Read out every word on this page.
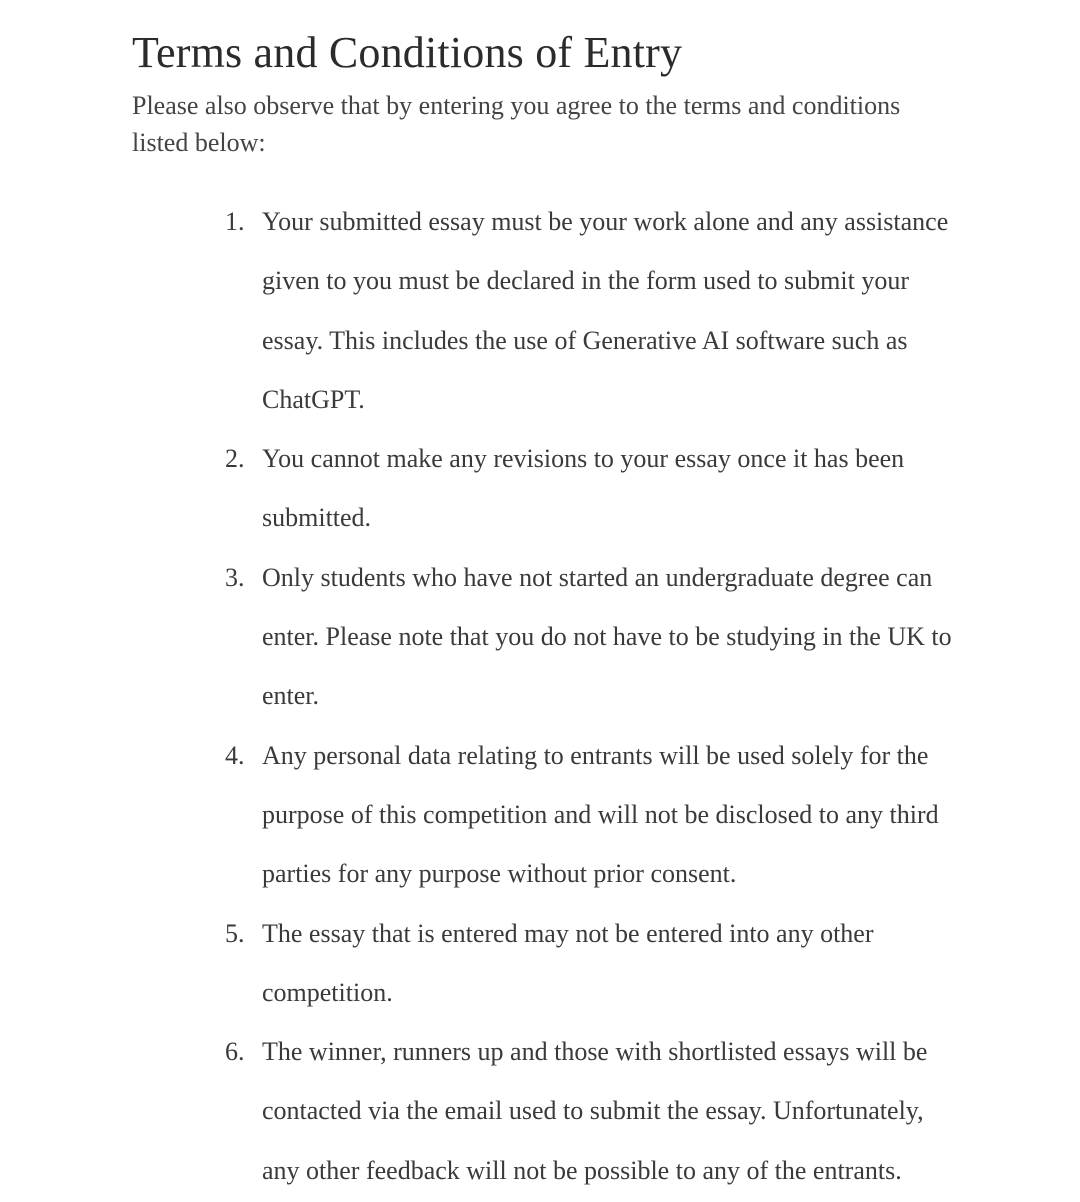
Terms and Conditions of Entry

Please also observe that by entering you agree to the terms and conditions listed below:

1. Your submitted essay must be your work alone and any assistance given to you must be declared in the form used to submit your essay. This includes the use of Generative AI software such as ChatGPT.
2. You cannot make any revisions to your essay once it has been submitted.
3. Only students who have not started an undergraduate degree can enter. Please note that you do not have to be studying in the UK to enter.
4. Any personal data relating to entrants will be used solely for the purpose of this competition and will not be disclosed to any third parties for any purpose without prior consent.
5. The essay that is entered may not be entered into any other competition.
6. The winner, runners up and those with shortlisted essays will be contacted via the email used to submit the essay. Unfortunately, any other feedback will not be possible to any of the entrants.
